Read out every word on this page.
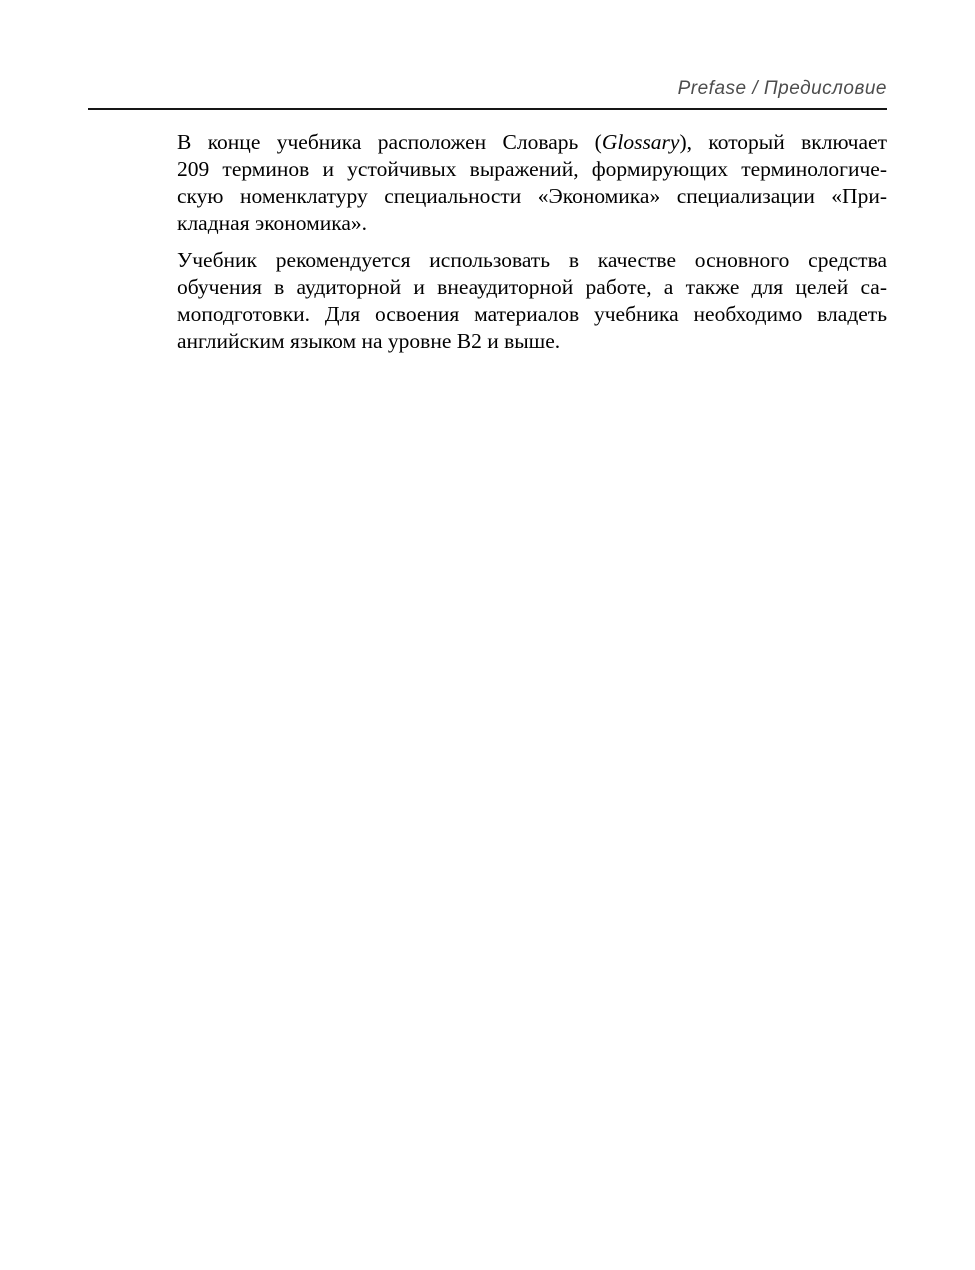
Prefase / Предисловие
В конце учебника расположен Словарь (Glossary), который включает
209 терминов и устойчивых выражений, формирующих терминологиче-
скую номенклатуру специальности «Экономика» специализации «При-
кладная экономика».
Учебник рекомендуется использовать в качестве основного средства
обучения в аудиторной и внеаудиторной работе, а также для целей са-
моподготовки. Для освоения материалов учебника необходимо владеть
английским языком на уровне B2 и выше.
